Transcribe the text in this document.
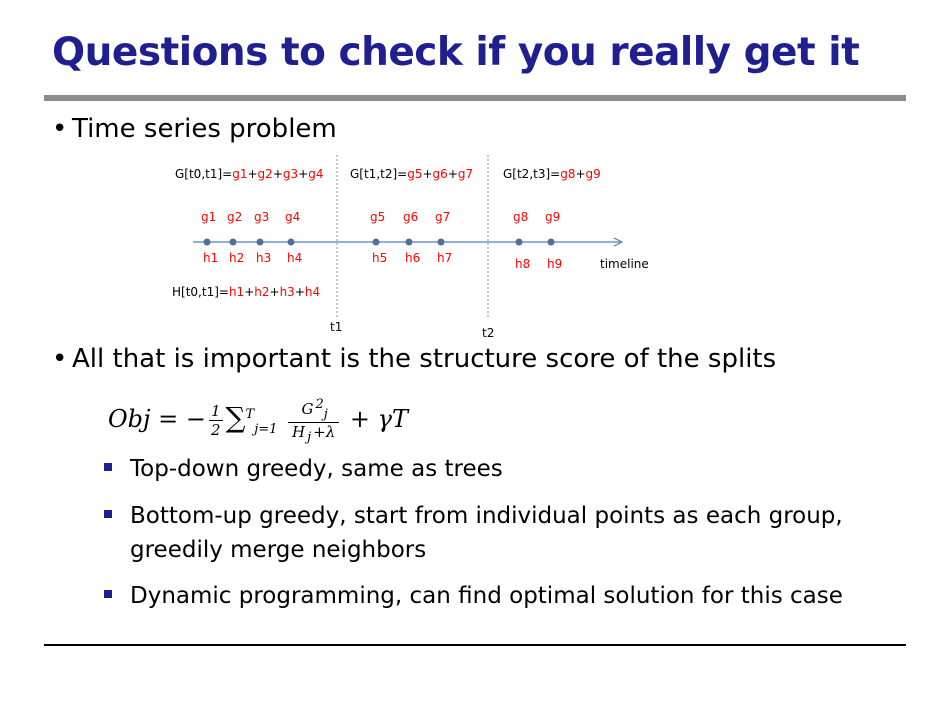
Questions to check if you really get it
• Time series problem
g1
h1
g2
h2
g3
h3
g4
h4
g5
h5
g6
h6
g7
h7
g8
h8
g9
h9
G[t0,t1]=g1+g2+g3+g4 G[t1,t2]=g5+g6+g7 G[t2,t3]=g8+g9
H[t0,t1]=h1+h2+h3+h4
timeline
t1	t2
• All that is important is the structure score of the splits
Obj = − $\frac{1}{2} \sum^T_{j=1} \frac{G ^2_j}{H _j +\lambda} + \gamma T$
Top-down greedy, same as trees
Bottom-up greedy, start from individual points as each group, greedily merge neighbors
Dynamic programming, can find optimal solution for this case
